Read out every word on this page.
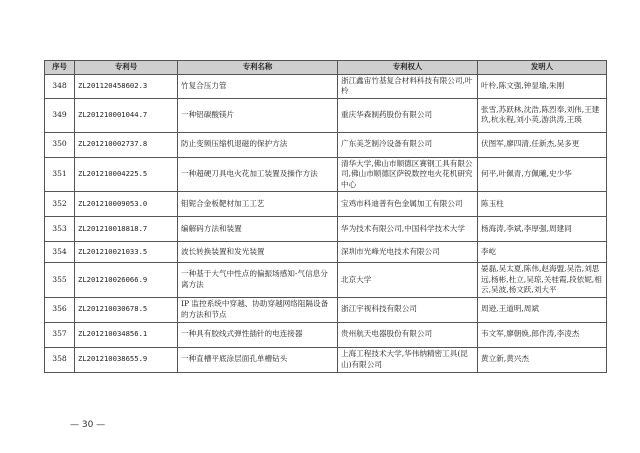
序号	专利号	专利名称	专利权人	发明人
348	ZL201120458602.3	竹复合压力管	浙江鑫宙竹基复合材料科技有限公司,叶柃	叶柃,陈文强,钟显瑜,朱刚
349	ZL201210001044.7	一种铝碳酸镁片	重庆华森制药股份有限公司	张雪,苏跃林,沈浩,陈烈奉,刘伟,王建玖,杭永程,刘小英,游洪涛,王瑛
350	ZL201210002737.8	防止变频压缩机退磁的保护方法	广东美芝制冷设备有限公司	伏图军,廖四清,任新杰,吴多更
351	ZL201210004225.5	一种超硬刀具电火花加工装置及操作方法	清华大学,佛山市顺德区赛钢工具有限公司,佛山市顺德区萨锐数控电火花机研究中心	何平,叶佩青,方佩曦,史少华
352	ZL201210009053.0	钼铌合金板靶材加工工艺	宝鸡市科迪普有色金属加工有限公司	陈玉柱
353	ZL201210018818.7	编解码方法和装置	华为技术有限公司,中国科学技术大学	杨海涛,李斌,李厚强,周建同
354	ZL201210021033.5	波长转换装置和发光装置	深圳市光峰光电技术有限公司	李屹
355	ZL201210026066.9	一种基于大气中性点的偏振场感知-气信息分离方法	北京大学	晏磊,吴太夏,陈伟,赵海盟,吴浩,刘思远,杨彬,杜立,吴琼,关桂霞,段依妮,相云,吴波,杨文跃,刘大平
356	ZL201210030678.5	IP 监控系统中穿越、协助穿越网络阻隔设备的方法和节点	浙江宇视科技有限公司	周逊,王道明,周斌
357	ZL201210034856.1	一种具有胶线式弹性插针的电连接器	贵州航天电器股份有限公司	韦文军,廖朝焕,郎作涛,李凌杰
358	ZL201210038655.9	一种直槽平底涂层面孔单槽钻头	上海工程技术大学,华伟纳精密工具(昆山)有限公司	黄立新,黄兴杰
— 30 —
